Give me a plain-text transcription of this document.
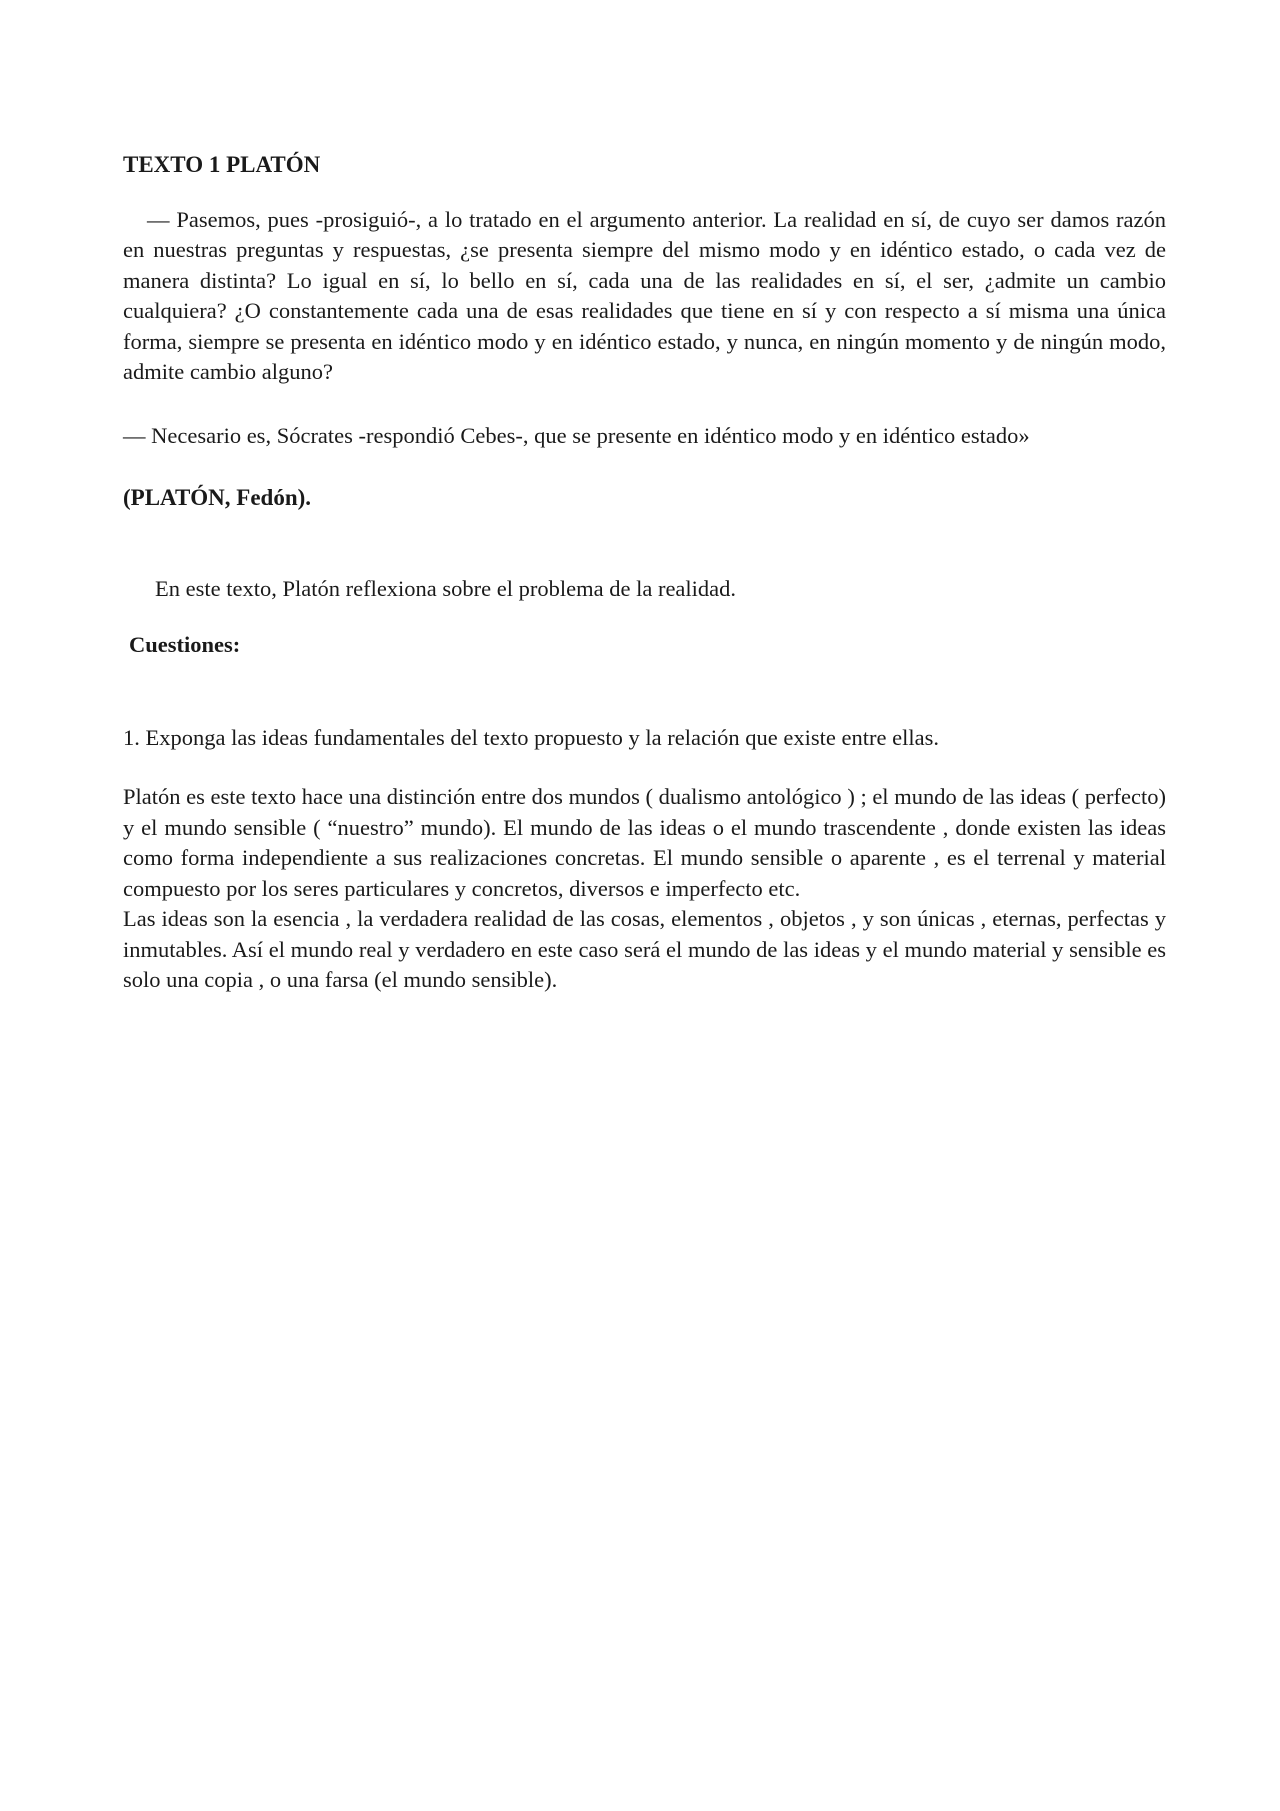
TEXTO 1 PLATÓN

— Pasemos, pues -prosiguió-, a lo tratado en el argumento anterior. La realidad en sí, de cuyo ser damos razón en nuestras preguntas y respuestas, ¿se presenta siempre del mismo modo y en idéntico estado, o cada vez de manera distinta? Lo igual en sí, lo bello en sí, cada una de las realidades en sí, el ser, ¿admite un cambio cualquiera? ¿O constantemente cada una de esas realidades que tiene en sí y con respecto a sí misma una única forma, siempre se presenta en idéntico modo y en idéntico estado, y nunca, en ningún momento y de ningún modo, admite cambio alguno?

— Necesario es, Sócrates -respondió Cebes-, que se presente en idéntico modo y en idéntico estado»

(PLATÓN, Fedón).

En este texto, Platón reflexiona sobre el problema de la realidad.

Cuestiones:

1. Exponga las ideas fundamentales del texto propuesto y la relación que existe entre ellas.

Platón es este texto hace una distinción entre dos mundos ( dualismo antológico ) ; el mundo de las ideas ( perfecto) y el mundo sensible ( “nuestro” mundo). El mundo de las ideas o el mundo trascendente , donde existen las ideas como forma independiente a sus realizaciones concretas. El mundo sensible o aparente , es el terrenal y material compuesto por los seres particulares y concretos, diversos e imperfecto etc.

Las ideas son la esencia , la verdadera realidad de las cosas, elementos , objetos , y son únicas , eternas, perfectas y inmutables. Así el mundo real y verdadero en este caso será el mundo de las ideas y el mundo material y sensible es solo una copia , o una farsa (el mundo sensible).
